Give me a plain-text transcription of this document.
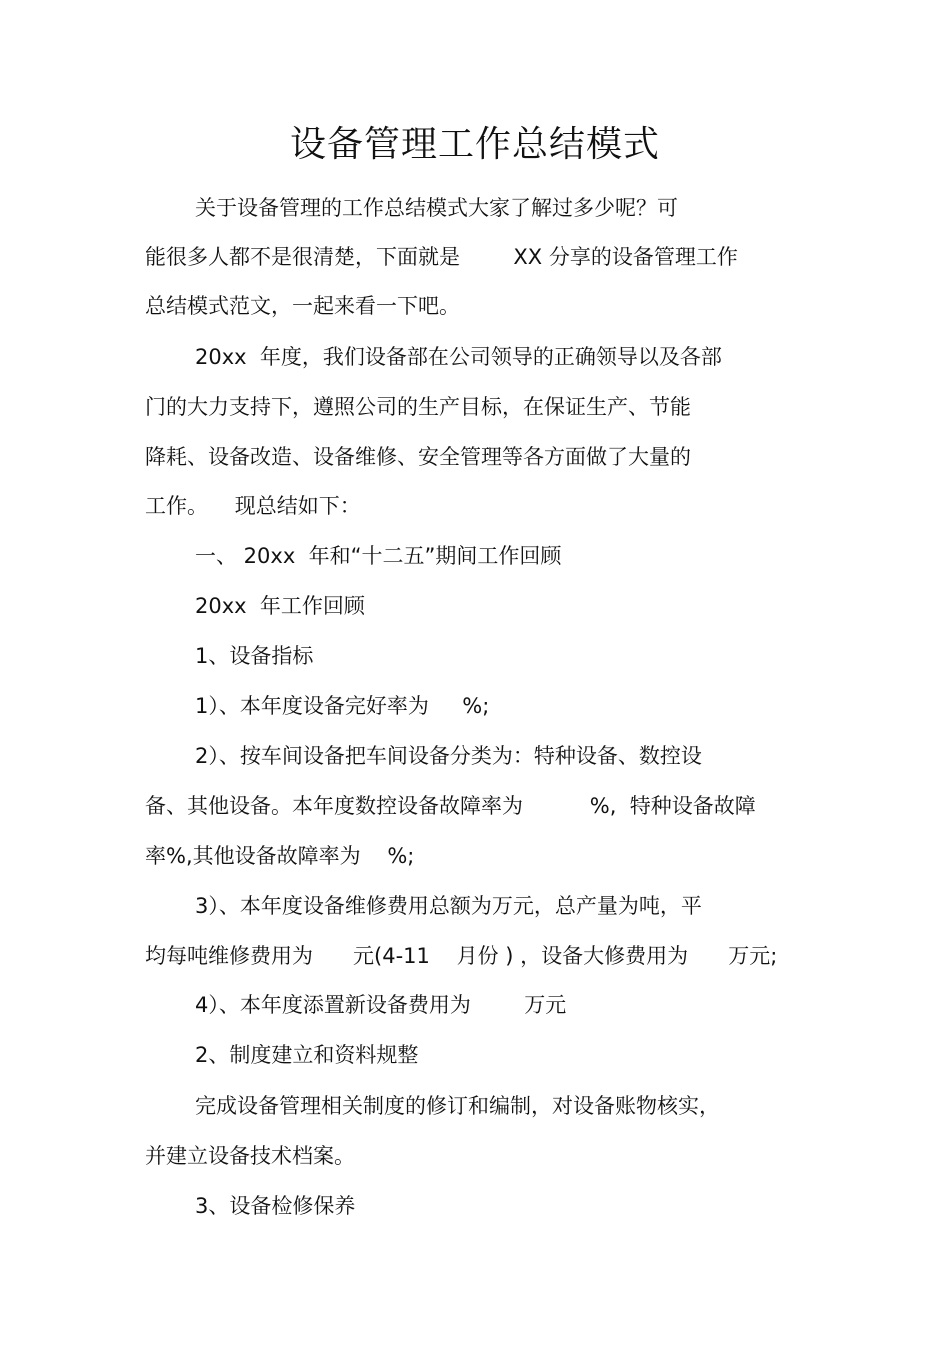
设备管理工作总结模式
关于设备管理的工作总结模式大家了解过多少呢？可
能很多人都不是很清楚，下面就是        XX 分享的设备管理工作
总结模式范文，一起来看一下吧。
20xx  年度，我们设备部在公司领导的正确领导以及各部
门的大力支持下，遵照公司的生产目标，在保证生产、节能
降耗、设备改造、设备维修、安全管理等各方面做了大量的
工作。    现总结如下：
一、 20xx  年和“十二五”期间工作回顾
20xx  年工作回顾
1、设备指标
1）、本年度设备完好率为     %;
2）、按车间设备把车间设备分类为：特种设备、数控设
备、其他设备。本年度数控设备故障率为          %,  特种设备故障
率%,其他设备故障率为    %;
3）、本年度设备维修费用总额为万元，总产量为吨，平
均每吨维修费用为      元(4-11    月份 ) ，设备大修费用为      万元;
4）、本年度添置新设备费用为        万元
2、制度建立和资料规整
完成设备管理相关制度的修订和编制，对设备账物核实，
并建立设备技术档案。
3、设备检修保养
